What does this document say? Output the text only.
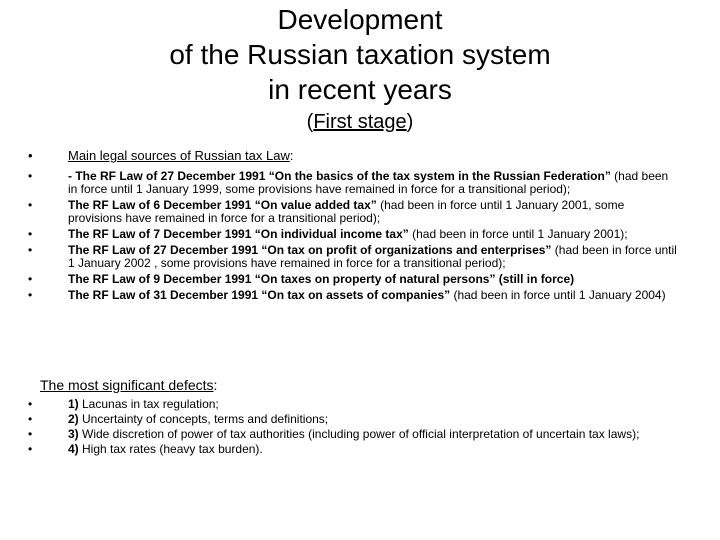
Development
of the Russian taxation system
in recent years
(First stage)
•	Main legal sources of Russian tax Law:
•	- The RF Law of 27 December 1991 “On the basics of the tax system in the Russian Federation” (had been in force until 1 January 1999, some provisions have remained in force for a transitional period);
•	The RF Law of 6 December 1991 “On value added tax” (had been in force until 1 January 2001, some provisions have remained in force for a transitional period);
•	The RF Law of 7 December 1991 “On individual income tax” (had been in force until 1 January 2001);
•	The RF Law of 27 December 1991 “On tax on profit of organizations and enterprises” (had been in force until 1 January 2002 , some provisions have remained in force for a transitional period);
•	The RF Law of 9 December 1991 “On taxes on property of natural persons” (still in force)
•	The RF Law of 31 December 1991 “On tax on assets of companies” (had been in force until 1 January 2004)
The most significant defects:
•	1) Lacunas in tax regulation;
•	2) Uncertainty of concepts, terms and definitions;
•	3) Wide discretion of power of tax authorities (including power of official interpretation of uncertain tax laws);
•	4) High tax rates (heavy tax burden).
